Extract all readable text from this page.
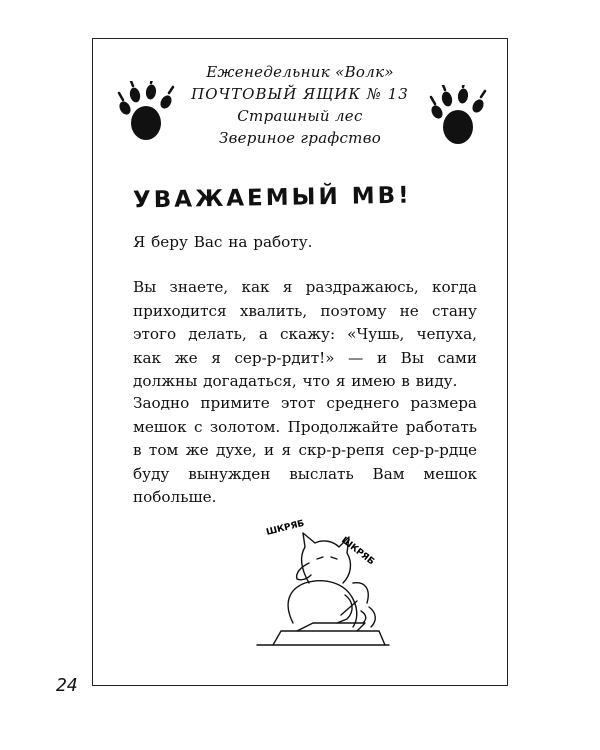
Еженедельник «Волк»
ПОЧТОВЫЙ ЯЩИК № 13
Страшный лес
Звериное графство
УВАЖАЕМЫЙ МВ!
Я беру Вас на работу.
Вы знаете, как я раздражаюсь, когда приходится хвалить, поэтому не стану этого делать, а скажу: «Чушь, чепуха, как же я сер-р-рдит!» — и Вы сами должны догадаться, что я имею в виду.
Заодно примите этот среднего размера мешок с золотом. Продолжайте работать в том же духе, и я скр-р-репя сер-р-рдце буду вынужден выслать Вам мешок побольше.
ШКРЯБ
ШКРЯБ
24
